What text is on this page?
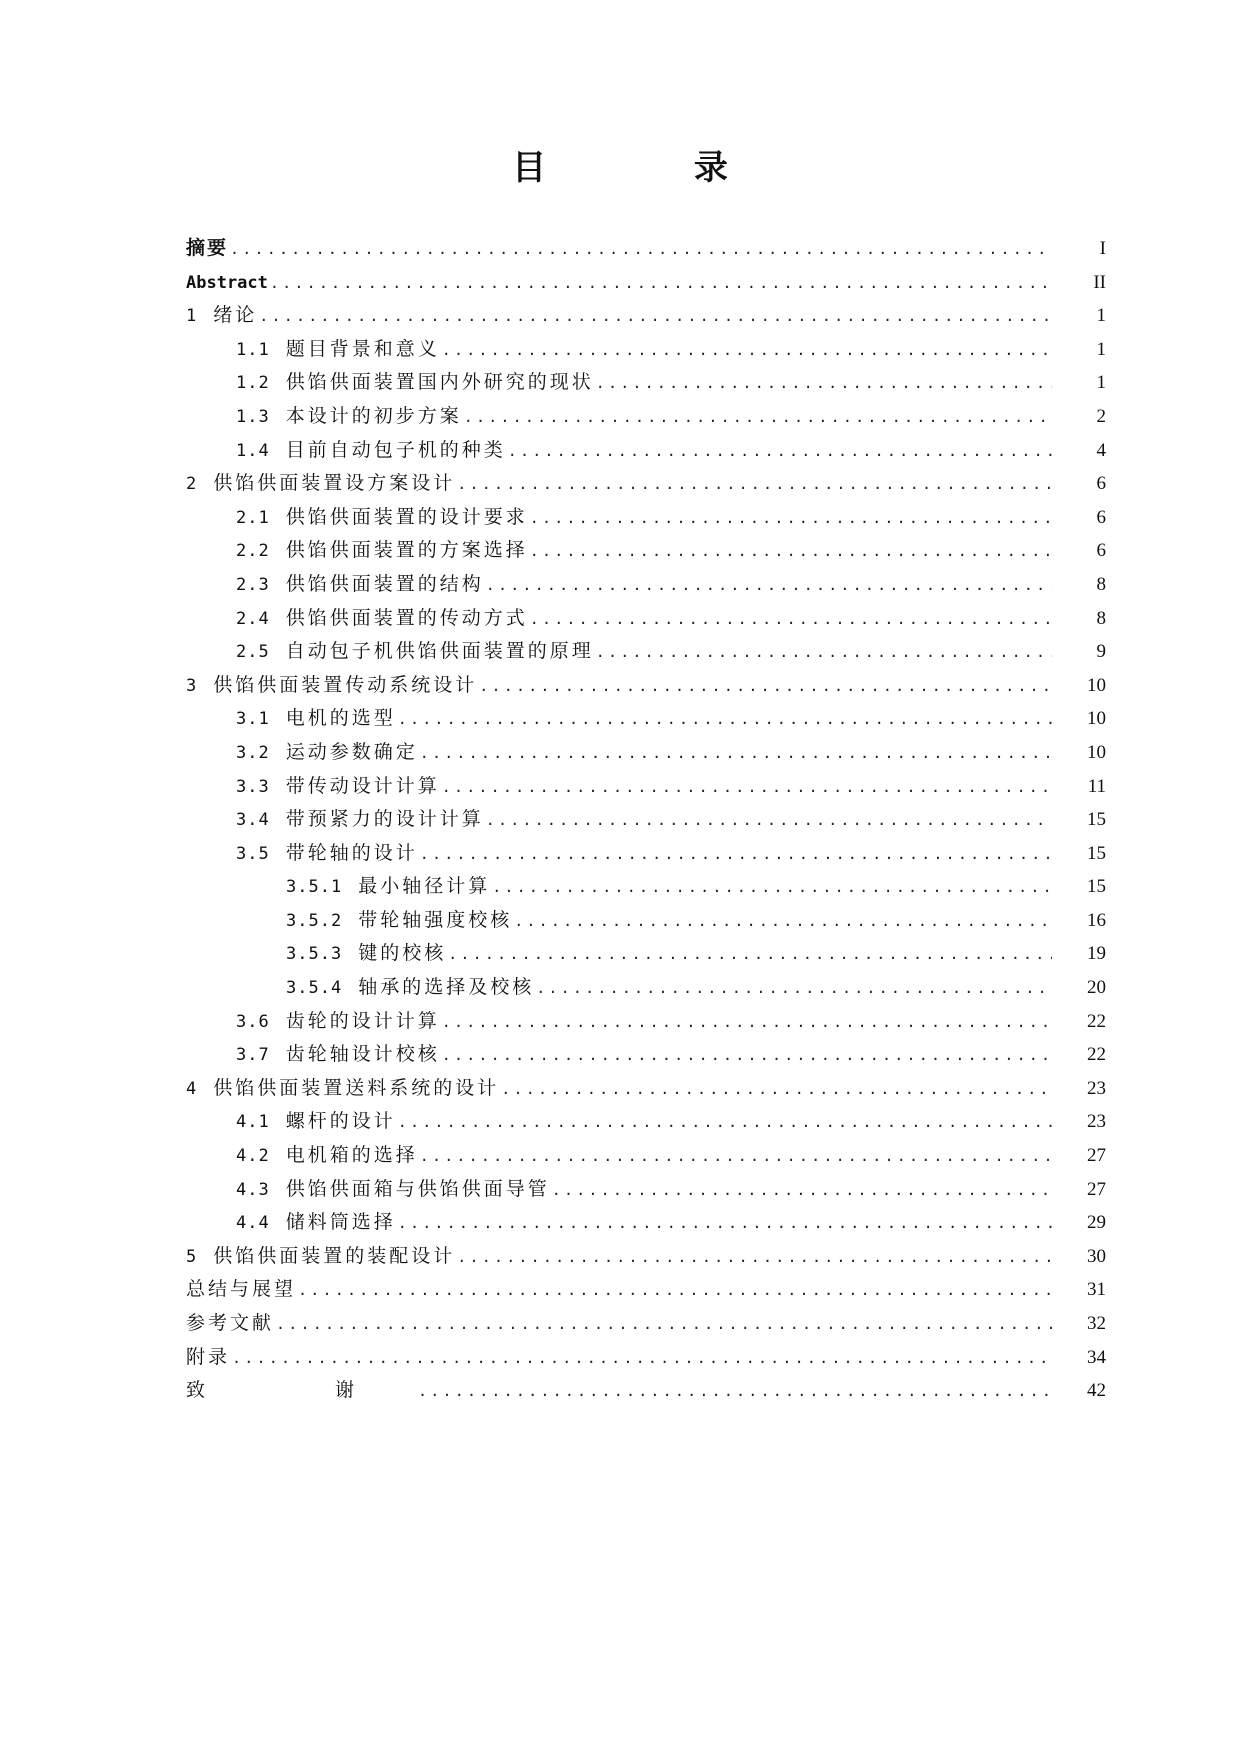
目 录
摘要 .....	I
Abstract .....	II
1 绪论 .....	1
1.1 题目背景和意义 .....	1
1.2 供馅供面装置国内外研究的现状 .....	1
1.3 本设计的初步方案 .....	2
1.4 目前自动包子机的种类 .....	4
2 供馅供面装置设方案设计 .....	6
2.1 供馅供面装置的设计要求 .....	6
2.2 供馅供面装置的方案选择 .....	6
2.3 供馅供面装置的结构 .....	8
2.4 供馅供面装置的传动方式 .....	8
2.5 自动包子机供馅供面装置的原理 .....	9
3 供馅供面装置传动系统设计 .....	10
3.1 电机的选型 .....	10
3.2 运动参数确定 .....	10
3.3 带传动设计计算 .....	11
3.4 带预紧力的设计计算 .....	15
3.5 带轮轴的设计 .....	15
3.5.1 最小轴径计算 .....	15
3.5.2 带轮轴强度校核 .....	16
3.5.3 键的校核 .....	19
3.5.4 轴承的选择及校核 .....	20
3.6 齿轮的设计计算 .....	22
3.7 齿轮轴设计校核 .....	22
4 供馅供面装置送料系统的设计 .....	23
4.1 螺杆的设计 .....	23
4.2 电机箱的选择 .....	27
4.3 供馅供面箱与供馅供面导管 .....	27
4.4 储料筒选择 .....	29
5 供馅供面装置的装配设计 .....	30
总结与展望 .....	31
参考文献 .....	32
附录 .....	34
致 谢 .....	42
